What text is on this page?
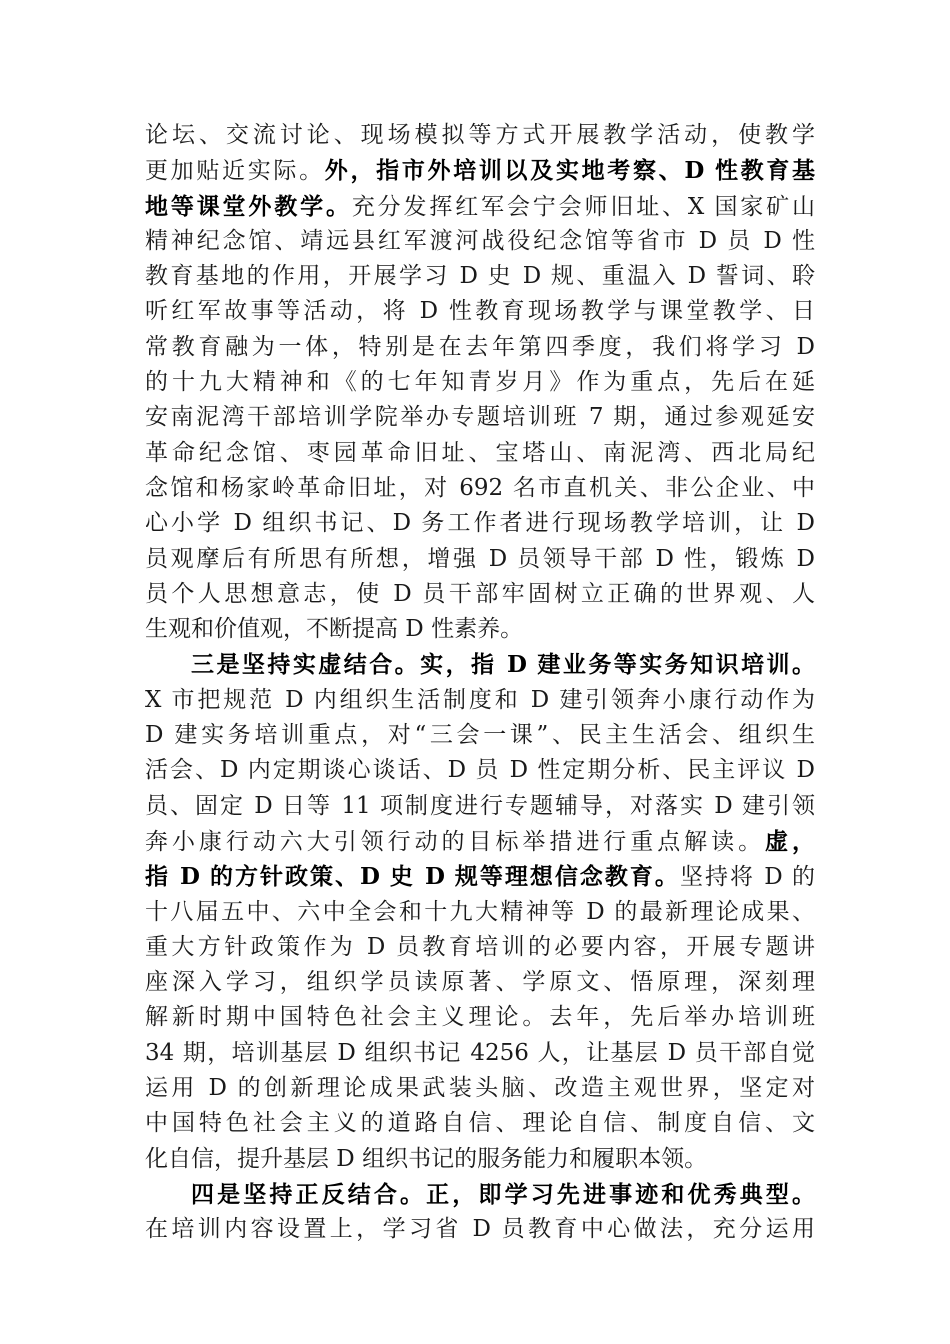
论坛、交流讨论、现场模拟等方式开展教学活动，使教学
更加贴近实际。外，指市外培训以及实地考察、D 性教育基
地等课堂外教学。充分发挥红军会宁会师旧址、X 国家矿山
精神纪念馆、靖远县红军渡河战役纪念馆等省市 D 员 D 性
教育基地的作用，开展学习 D 史 D 规、重温入 D 誓词、聆
听红军故事等活动，将 D 性教育现场教学与课堂教学、日
常教育融为一体，特别是在去年第四季度，我们将学习 D
的十九大精神和《的七年知青岁月》作为重点，先后在延
安南泥湾干部培训学院举办专题培训班 7 期，通过参观延安
革命纪念馆、枣园革命旧址、宝塔山、南泥湾、西北局纪
念馆和杨家岭革命旧址，对 692 名市直机关、非公企业、中
心小学 D 组织书记、D 务工作者进行现场教学培训，让 D
员观摩后有所思有所想，增强 D 员领导干部 D 性，锻炼 D
员个人思想意志，使 D 员干部牢固树立正确的世界观、人
生观和价值观，不断提高 D 性素养。
三是坚持实虚结合。实，指 D 建业务等实务知识培训。
X 市把规范 D 内组织生活制度和 D 建引领奔小康行动作为
D 建实务培训重点，对“三会一课”、民主生活会、组织生
活会、D 内定期谈心谈话、D 员 D 性定期分析、民主评议 D
员、固定 D 日等 11 项制度进行专题辅导，对落实 D 建引领
奔小康行动六大引领行动的目标举措进行重点解读。虚，
指 D 的方针政策、D 史 D 规等理想信念教育。坚持将 D 的
十八届五中、六中全会和十九大精神等 D 的最新理论成果、
重大方针政策作为 D 员教育培训的必要内容，开展专题讲
座深入学习，组织学员读原著、学原文、悟原理，深刻理
解新时期中国特色社会主义理论。去年，先后举办培训班
34 期，培训基层 D 组织书记 4256 人，让基层 D 员干部自觉
运用 D 的创新理论成果武装头脑、改造主观世界，坚定对
中国特色社会主义的道路自信、理论自信、制度自信、文
化自信，提升基层 D 组织书记的服务能力和履职本领。
四是坚持正反结合。正，即学习先进事迹和优秀典型。
在培训内容设置上，学习省 D 员教育中心做法，充分运用
